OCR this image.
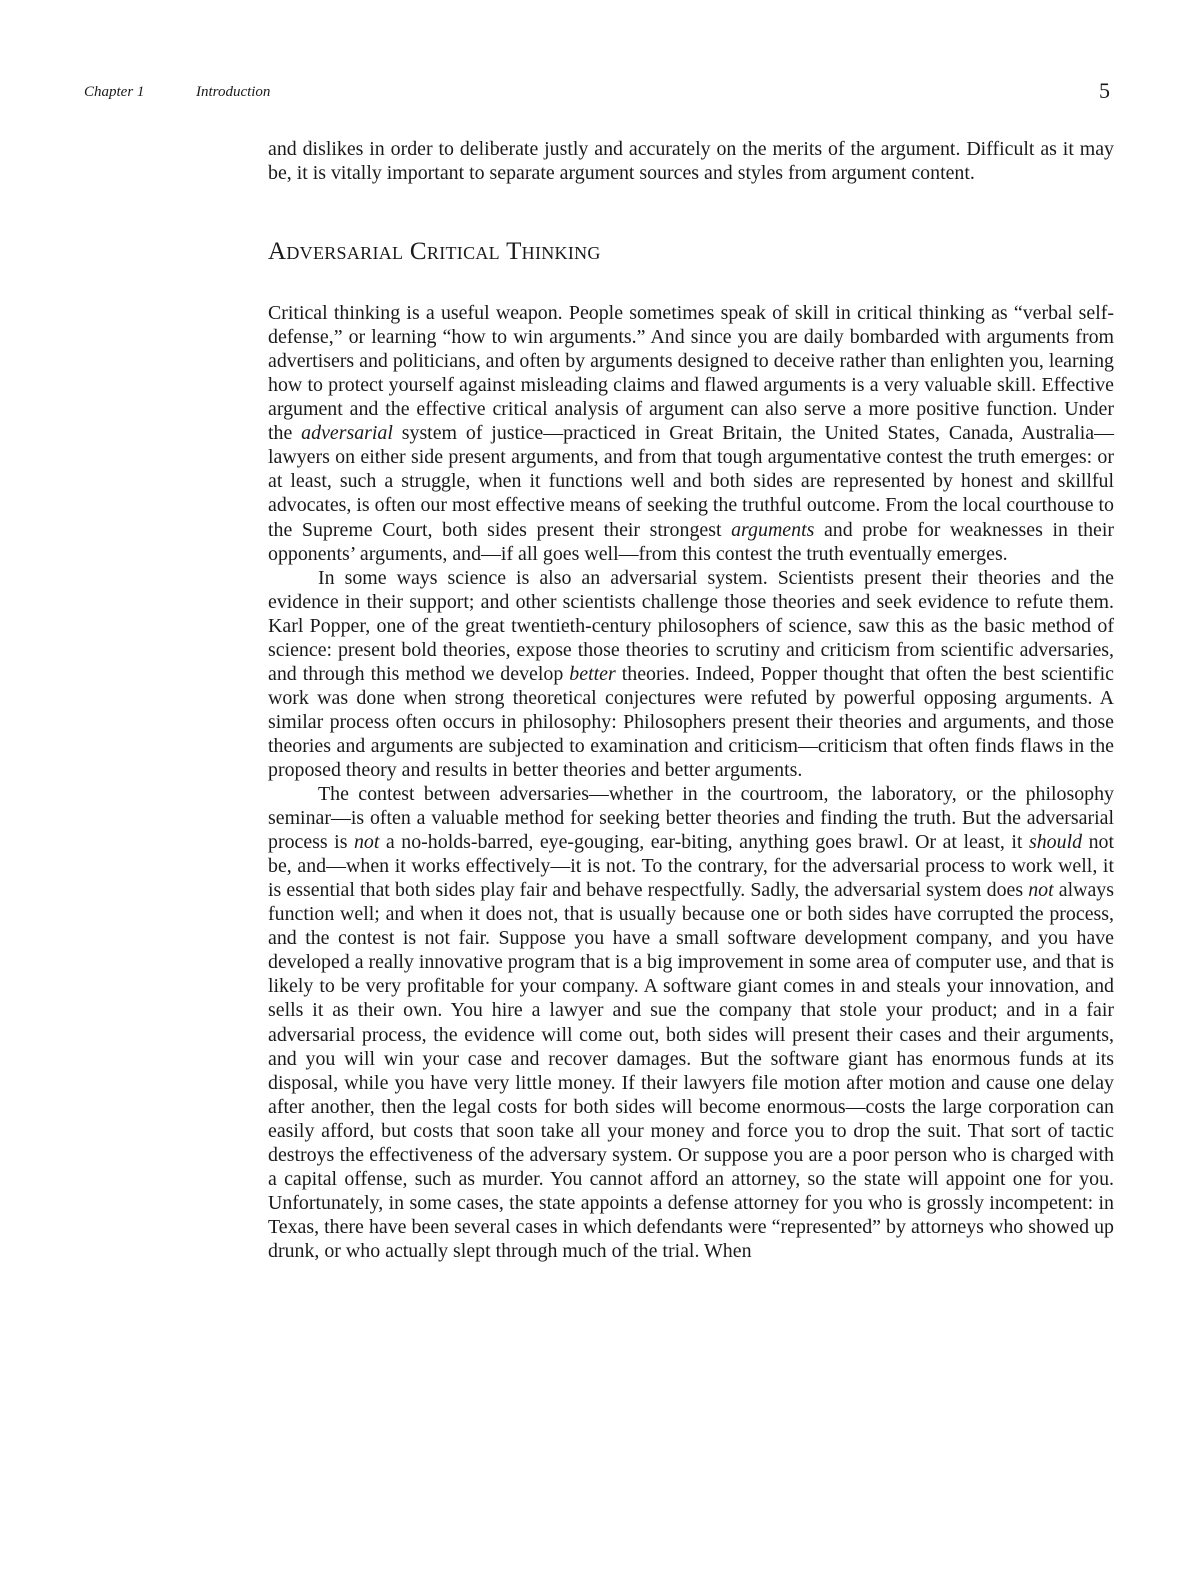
Chapter 1	Introduction	5

and dislikes in order to deliberate justly and accurately on the merits of the argument. Difficult as it may be, it is vitally important to separate argument sources and styles from argument content.

Adversarial Critical Thinking

Critical thinking is a useful weapon. People sometimes speak of skill in critical thinking as “verbal self-defense,” or learning “how to win arguments.” And since you are daily bombarded with arguments from advertisers and politicians, and often by arguments designed to deceive rather than enlighten you, learning how to protect yourself against misleading claims and flawed arguments is a very valuable skill. Effective argument and the effective critical analysis of argument can also serve a more positive function. Under the adversarial system of justice—practiced in Great Britain, the United States, Canada, Australia—lawyers on either side present arguments, and from that tough argumentative contest the truth emerges: or at least, such a struggle, when it functions well and both sides are represented by honest and skillful advocates, is often our most effective means of seeking the truthful outcome. From the local courthouse to the Supreme Court, both sides present their strongest arguments and probe for weaknesses in their opponents’ arguments, and—if all goes well—from this contest the truth eventually emerges.

In some ways science is also an adversarial system. Scientists present their theories and the evidence in their support; and other scientists challenge those theories and seek evidence to refute them. Karl Popper, one of the great twentieth-century philosophers of science, saw this as the basic method of science: present bold theories, expose those theories to scrutiny and criticism from scientific adversaries, and through this method we develop better theories. Indeed, Popper thought that often the best scientific work was done when strong theoretical conjectures were refuted by powerful opposing arguments. A similar process often occurs in philosophy: Philosophers present their theories and arguments, and those theories and arguments are subjected to examination and criticism—criticism that often finds flaws in the proposed theory and results in better theories and better arguments.

The contest between adversaries—whether in the courtroom, the laboratory, or the philosophy seminar—is often a valuable method for seeking better theories and finding the truth. But the adversarial process is not a no-holds-barred, eye-gouging, ear-biting, anything goes brawl. Or at least, it should not be, and—when it works effectively—it is not. To the contrary, for the adversarial process to work well, it is essential that both sides play fair and behave respectfully. Sadly, the adversarial system does not always function well; and when it does not, that is usually because one or both sides have corrupted the process, and the contest is not fair. Suppose you have a small software development company, and you have developed a really innovative program that is a big improvement in some area of computer use, and that is likely to be very profitable for your company. A software giant comes in and steals your innovation, and sells it as their own. You hire a lawyer and sue the company that stole your product; and in a fair adversarial process, the evidence will come out, both sides will present their cases and their arguments, and you will win your case and recover damages. But the software giant has enormous funds at its disposal, while you have very little money. If their lawyers file motion after motion and cause one delay after another, then the legal costs for both sides will become enormous—costs the large corporation can easily afford, but costs that soon take all your money and force you to drop the suit. That sort of tactic destroys the effectiveness of the adversary system. Or suppose you are a poor person who is charged with a capital offense, such as murder. You cannot afford an attorney, so the state will appoint one for you. Unfortunately, in some cases, the state appoints a defense attorney for you who is grossly incompetent: in Texas, there have been several cases in which defendants were “represented” by attorneys who showed up drunk, or who actually slept through much of the trial. When
